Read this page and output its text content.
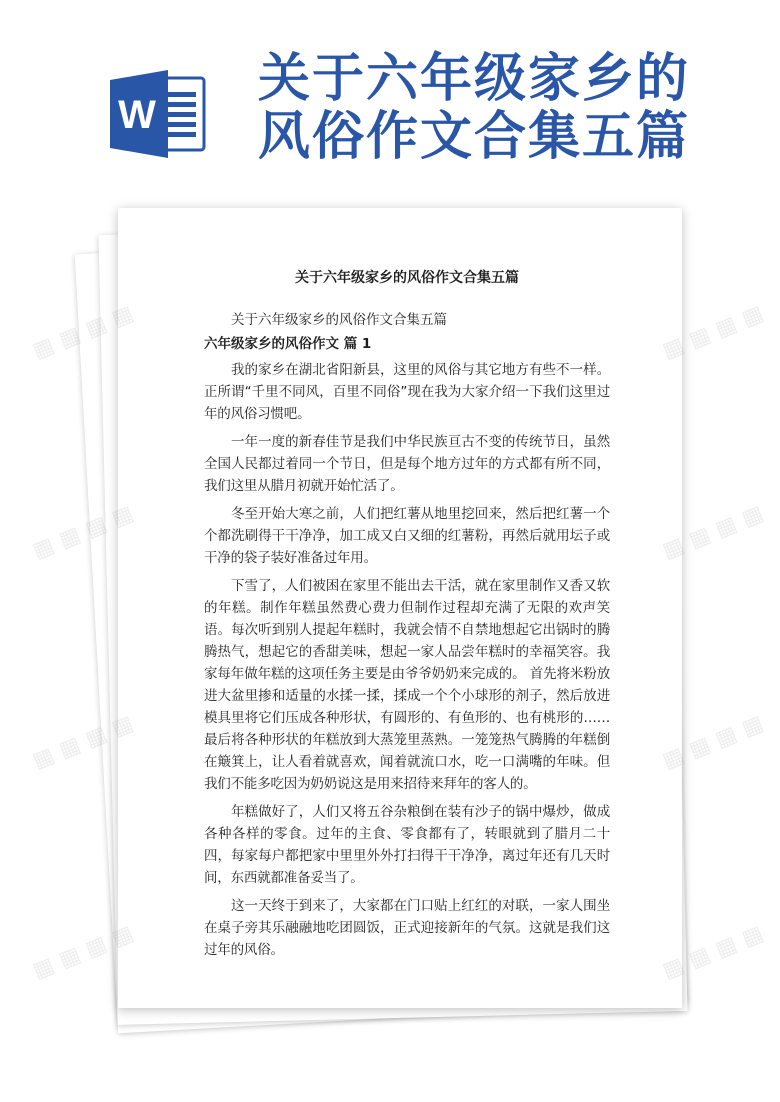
W
关于六年级家乡的
风俗作文合集五篇
▦ ▦	▦ ▦ ▦ ▦
▦ ▦ ▦ ▦	▦ ▦ ▦ ▦
▦ ▦ ▦ ▦	▦ ▦ ▦ ▦
▦ ▦ ▦ ▦	▦ ▦ ▦ ▦
关于六年级家乡的风俗作文合集五篇
关于六年级家乡的风俗作文合集五篇
六年级家乡的风俗作文 篇 1

我的家乡在湖北省阳新县，这里的风俗与其它地方有些不一样。正所谓“千里不同风，百里不同俗”现在我为大家介绍一下我们这里过年的风俗习惯吧。

一年一度的新春佳节是我们中华民族亘古不变的传统节日，虽然全国人民都过着同一个节日，但是每个地方过年的方式都有所不同，我们这里从腊月初就开始忙活了。

冬至开始大寒之前，人们把红薯从地里挖回来，然后把红薯一个个都洗刷得干干净净，加工成又白又细的红薯粉，再然后就用坛子或干净的袋子装好准备过年用。

下雪了，人们被困在家里不能出去干活，就在家里制作又香又软的年糕。制作年糕虽然费心费力但制作过程却充满了无限的欢声笑语。每次听到别人提起年糕时，我就会情不自禁地想起它出锅时的腾腾热气，想起它的香甜美味，想起一家人品尝年糕时的幸福笑容。我家每年做年糕的这项任务主要是由爷爷奶奶来完成的。 首先将米粉放进大盆里掺和适量的水揉一揉，揉成一个个小球形的剂子，然后放进模具里将它们压成各种形状，有圆形的、有鱼形的、也有桃形的……最后将各种形状的年糕放到大蒸笼里蒸熟。一笼笼热气腾腾的年糕倒在簸箕上，让人看着就喜欢，闻着就流口水，吃一口满嘴的年味。但我们不能多吃因为奶奶说这是用来招待来拜年的客人的。

年糕做好了，人们又将五谷杂粮倒在装有沙子的锅中爆炒，做成各种各样的零食。过年的主食、零食都有了，转眼就到了腊月二十四，每家每户都把家中里里外外打扫得干干净净，离过年还有几天时间，东西就都准备妥当了。

这一天终于到来了，大家都在门口贴上红红的对联，一家人围坐在桌子旁其乐融融地吃团圆饭，正式迎接新年的气氛。这就是我们这过年的风俗。
